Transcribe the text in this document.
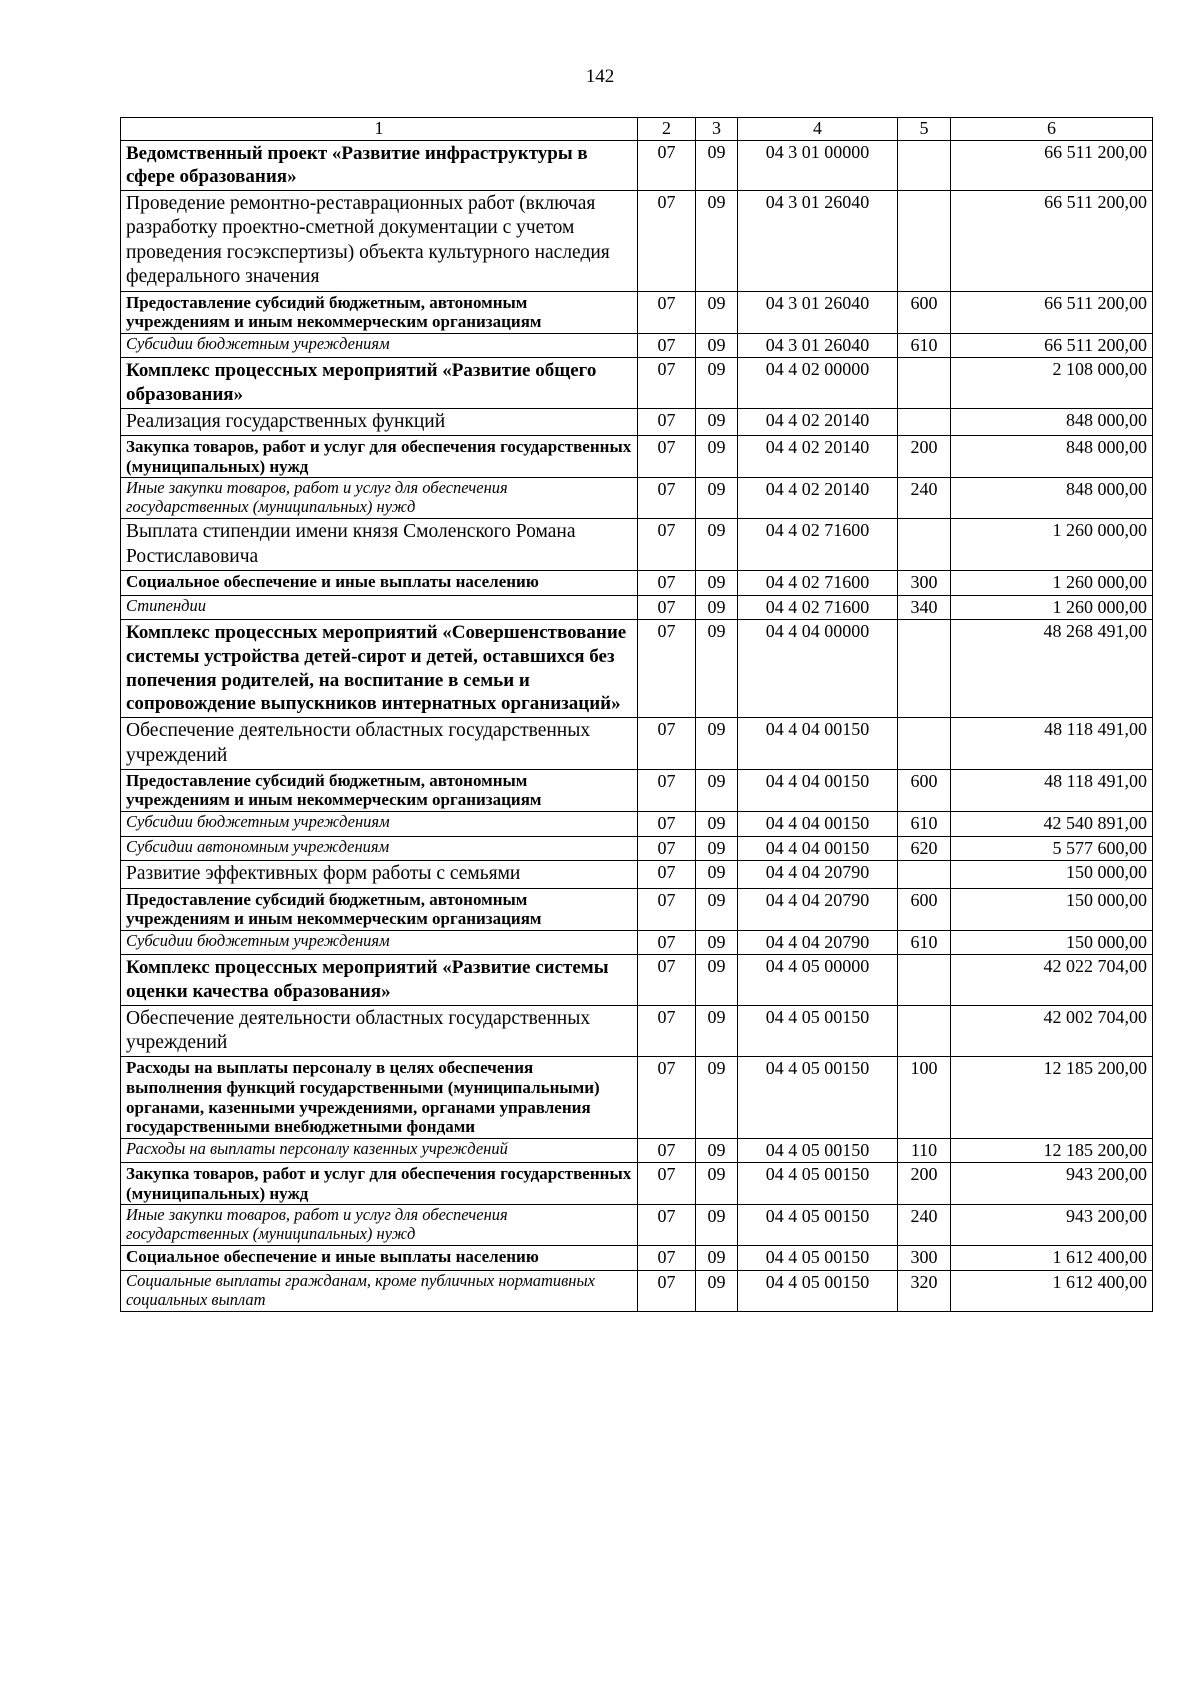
142
1	2	3	4	5	6
Ведомственный проект «Развитие инфраструктуры в сфере образования»	07	09	04 3 01 00000		66 511 200,00
Проведение ремонтно-реставрационных работ (включая разработку проектно-сметной документации с учетом проведения госэкспертизы) объекта культурного наследия федерального значения	07	09	04 3 01 26040		66 511 200,00
Предоставление субсидий бюджетным, автономным учреждениям и иным некоммерческим организациям	07	09	04 3 01 26040	600	66 511 200,00
Субсидии бюджетным учреждениям	07	09	04 3 01 26040	610	66 511 200,00
Комплекс процессных мероприятий «Развитие общего образования»	07	09	04 4 02 00000		2 108 000,00
Реализация государственных функций	07	09	04 4 02 20140		848 000,00
Закупка товаров, работ и услуг для обеспечения государственных (муниципальных) нужд	07	09	04 4 02 20140	200	848 000,00
Иные закупки товаров, работ и услуг для обеспечения государственных (муниципальных) нужд	07	09	04 4 02 20140	240	848 000,00
Выплата стипендии имени князя Смоленского Романа Ростиславовича	07	09	04 4 02 71600		1 260 000,00
Социальное обеспечение и иные выплаты населению	07	09	04 4 02 71600	300	1 260 000,00
Стипендии	07	09	04 4 02 71600	340	1 260 000,00
Комплекс процессных мероприятий «Совершенствование системы устройства детей-сирот и детей, оставшихся без попечения родителей, на воспитание в семьи и сопровождение выпускников интернатных организаций»	07	09	04 4 04 00000		48 268 491,00
Обеспечение деятельности областных государственных учреждений	07	09	04 4 04 00150		48 118 491,00
Предоставление субсидий бюджетным, автономным учреждениям и иным некоммерческим организациям	07	09	04 4 04 00150	600	48 118 491,00
Субсидии бюджетным учреждениям	07	09	04 4 04 00150	610	42 540 891,00
Субсидии автономным учреждениям	07	09	04 4 04 00150	620	5 577 600,00
Развитие эффективных форм работы с семьями	07	09	04 4 04 20790		150 000,00
Предоставление субсидий бюджетным, автономным учреждениям и иным некоммерческим организациям	07	09	04 4 04 20790	600	150 000,00
Субсидии бюджетным учреждениям	07	09	04 4 04 20790	610	150 000,00
Комплекс процессных мероприятий «Развитие системы оценки качества образования»	07	09	04 4 05 00000		42 022 704,00
Обеспечение деятельности областных государственных учреждений	07	09	04 4 05 00150		42 002 704,00
Расходы на выплаты персоналу в целях обеспечения выполнения функций государственными (муниципальными) органами, казенными учреждениями, органами управления государственными внебюджетными фондами	07	09	04 4 05 00150	100	12 185 200,00
Расходы на выплаты персоналу казенных учреждений	07	09	04 4 05 00150	110	12 185 200,00
Закупка товаров, работ и услуг для обеспечения государственных (муниципальных) нужд	07	09	04 4 05 00150	200	943 200,00
Иные закупки товаров, работ и услуг для обеспечения государственных (муниципальных) нужд	07	09	04 4 05 00150	240	943 200,00
Социальное обеспечение и иные выплаты населению	07	09	04 4 05 00150	300	1 612 400,00
Социальные выплаты гражданам, кроме публичных нормативных социальных выплат	07	09	04 4 05 00150	320	1 612 400,00
